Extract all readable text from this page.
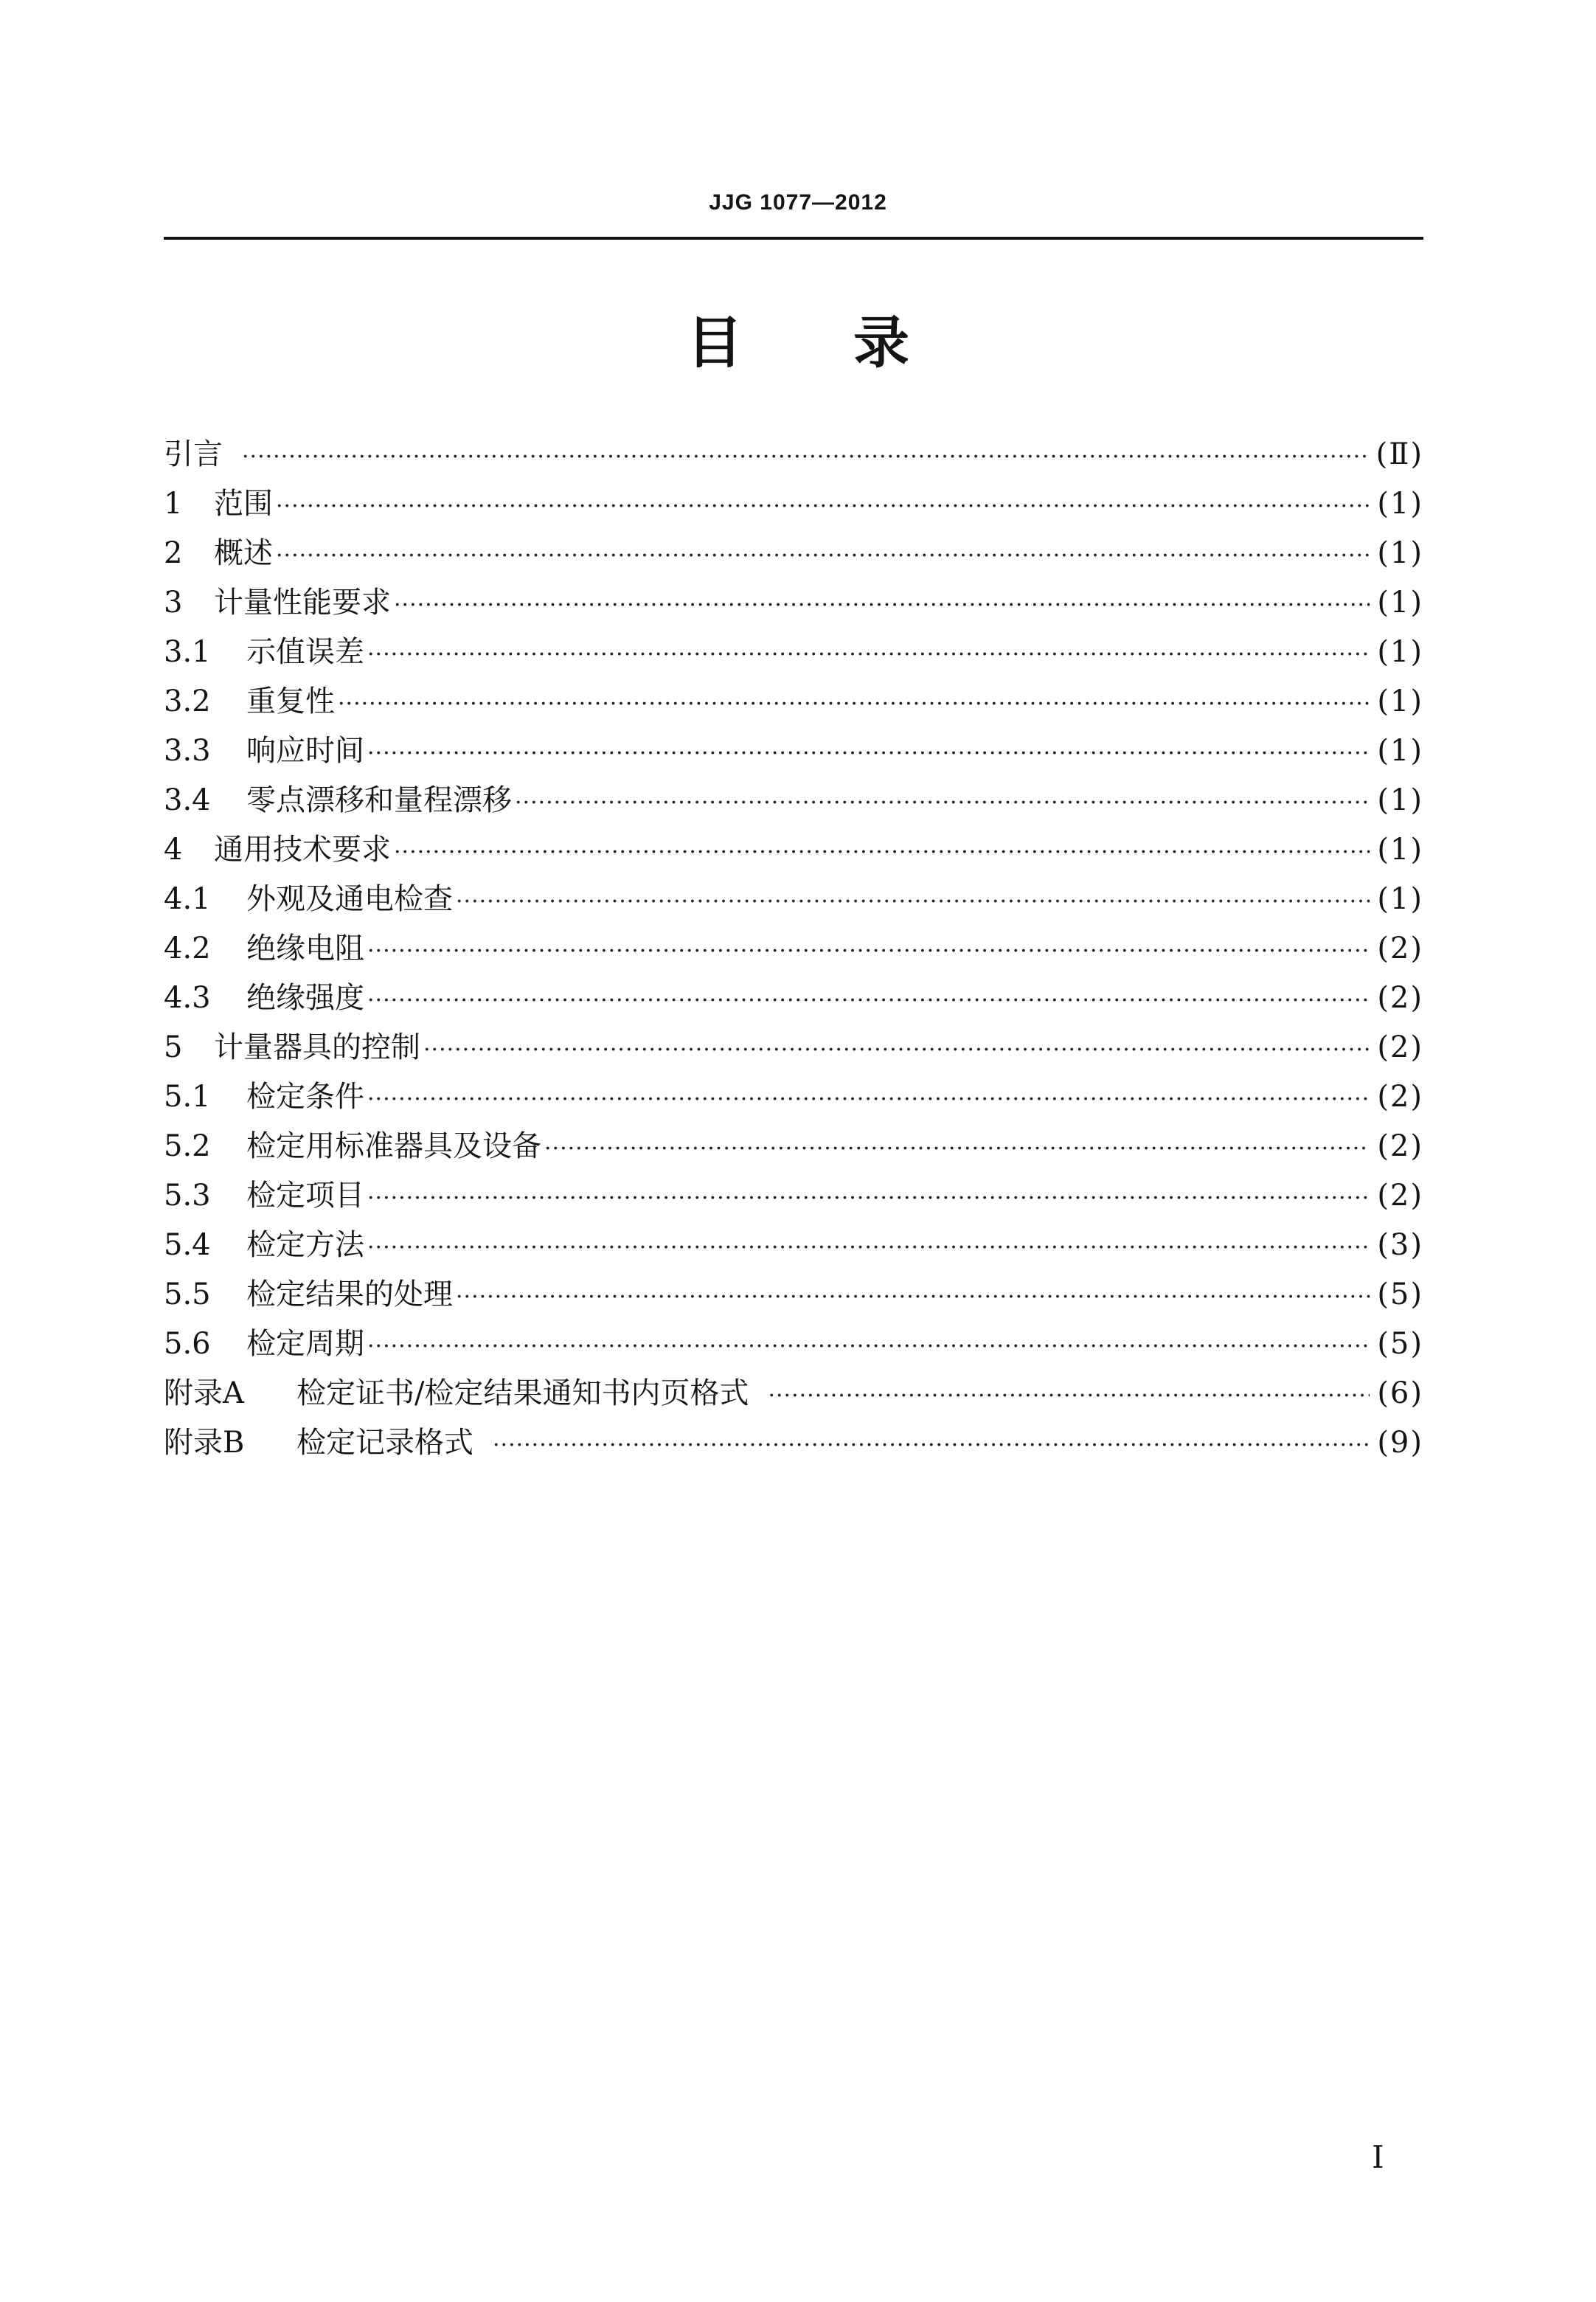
JJG 1077—2012
目 录
引言 ·····	(Ⅱ)
1	范围 ·····	(1)
2	概述 ·····	(1)
3	计量性能要求 ·····	(1)
3.1	示值误差 ·····	(1)
3.2	重复性 ·····	(1)
3.3	响应时间 ·····	(1)
3.4	零点漂移和量程漂移 ·····	(1)
4	通用技术要求 ·····	(1)
4.1	外观及通电检查 ·····	(1)
4.2	绝缘电阻 ·····	(2)
4.3	绝缘强度 ·····	(2)
5	计量器具的控制 ·····	(2)
5.1	检定条件 ·····	(2)
5.2	检定用标准器具及设备 ·····	(2)
5.3	检定项目 ·····	(2)
5.4	检定方法 ·····	(3)
5.5	检定结果的处理 ·····	(5)
5.6	检定周期 ·····	(5)
附录A	检定证书/检定结果通知书内页格式 ·····	(6)
附录B	检定记录格式 ·····	(9)
I
